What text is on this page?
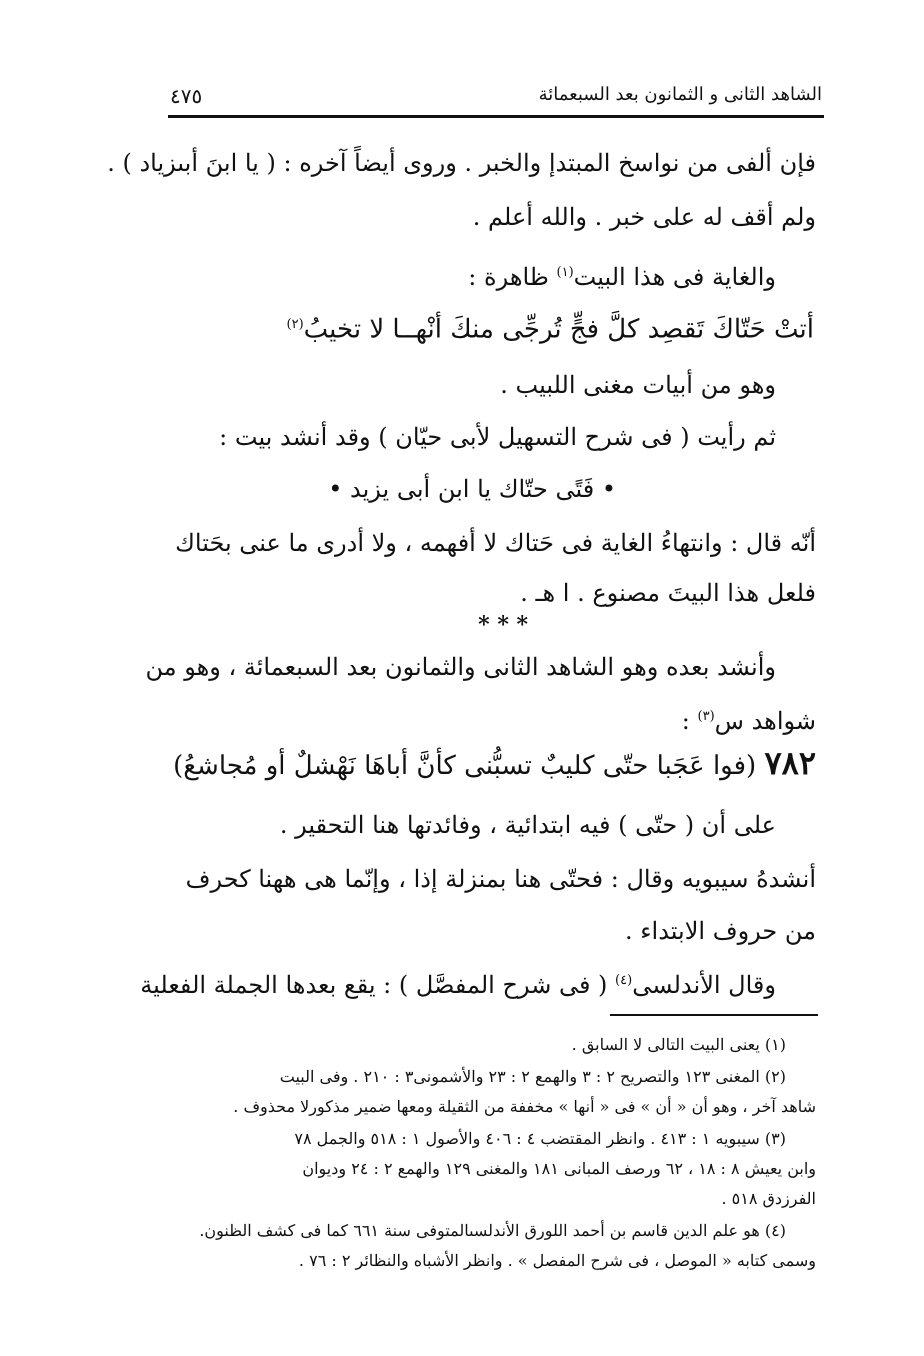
الشاهد الثانى و الثمانون بعد السبعمائة
٤٧٥
فإن ألفى من نواسخ المبتدإ والخبر . وروى أيضاً آخره : ( يا ابنَ أبىزياد ) .
ولم أقف له على خبر . والله أعلم .
والغاية فى هذا البيت$^{(١)}$ ظاهرة :
أتتْ حَتّاكَ تَقصِد كلَّ فجٍّ تُرجِّى منكَ أنْهــا لا تخيبُ$^{(٢)}$
وهو من أبيات مغنى اللبيب .
ثم رأيت ( فى شرح التسهيل لأبى حيّان ) وقد أنشد بيت :
• فَتًى حتّاك يا ابن أبى يزيد •
أنّه قال : وانتهاءُ الغاية فى حَتاك لا أفهمه ، ولا أدرى ما عنى بحَتاك
فلعل هذا البيتَ مصنوع . ا هـ .
* * *
وأنشد بعده وهو الشاهد الثانى والثمانون بعد السبعمائة ، وهو من
شواهد س$^{(٣)}$ :
٧٨٢ (فوا عَجَبا حتّى كليبٌ تسبُّنى كأنَّ أباهَا نَهْشلٌ أو مُجاشعُ)
على أن ( حتّى ) فيه ابتدائية ، وفائدتها هنا التحقير .
أنشدهُ سيبويه وقال : فحتّى هنا بمنزلة إذا ، وإنّما هى ههنا كحرف
من حروف الابتداء .
وقال الأندلسى$^{(٤)}$ ( فى شرح المفصَّل ) : يقع بعدها الجملة الفعلية
(١) يعنى البيت التالى لا السابق .
(٢) المغنى ١٢٣ والتصريح ٢ : ٣ والهمع ٢ : ٢٣ والأشمونى٣ : ٢١٠ . وفى البيت
شاهد آخر ، وهو أن « أن » فى « أنها » مخففة من الثقيلة ومعها ضمير مذكورلا محذوف .
(٣) سيبويه ١ : ٤١٣ . وانظر المقتضب ٤ : ٤٠٦ والأصول ١ : ٥١٨ والجمل ٧٨
وابن يعيش ٨ : ١٨ ، ٦٢ ورصف المبانى ١٨١ والمغنى ١٢٩ والهمع ٢ : ٢٤ وديوان
الفرزدق ٥١٨ .
(٤) هو علم الدين قاسم بن أحمد اللورق الأندلسىالمتوفى سنة ٦٦١ كما فى كشف الظنون.
وسمى كتابه « الموصل ، فى شرح المفصل » . وانظر الأشباه والنظائر ٢ : ٧٦ .
